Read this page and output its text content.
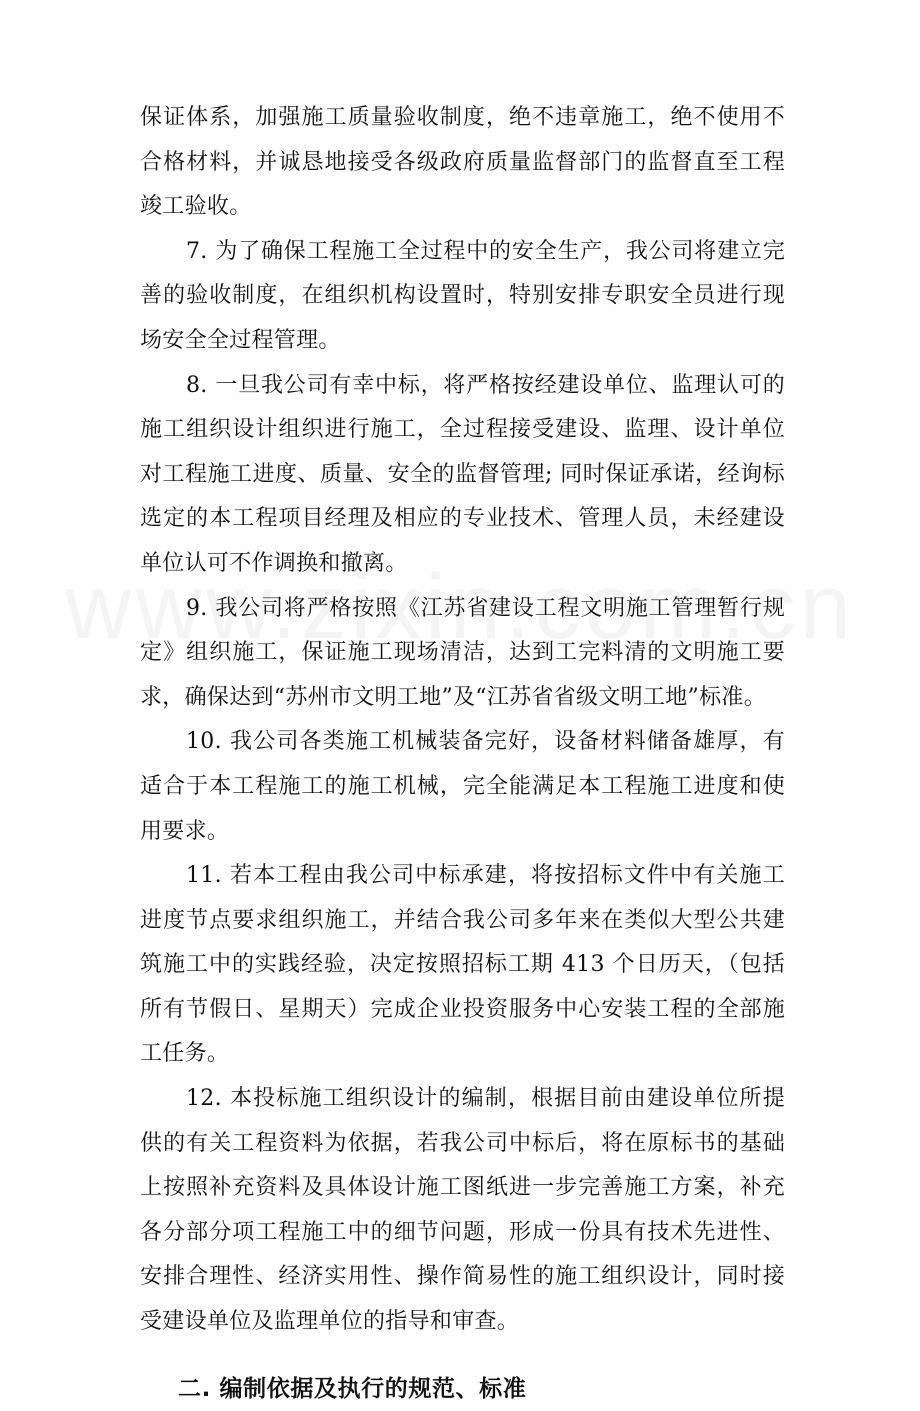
保证体系，加强施工质量验收制度，绝不违章施工，绝不使用不合格材料，并诚恳地接受各级政府质量监督部门的监督直至工程竣工验收。

7. 为了确保工程施工全过程中的安全生产，我公司将建立完善的验收制度，在组织机构设置时，特别安排专职安全员进行现场安全全过程管理。

8. 一旦我公司有幸中标，将严格按经建设单位、监理认可的施工组织设计组织进行施工，全过程接受建设、监理、设计单位对工程施工进度、质量、安全的监督管理; 同时保证承诺，经询标选定的本工程项目经理及相应的专业技术、管理人员，未经建设单位认可不作调换和撤离。

9. 我公司将严格按照《江苏省建设工程文明施工管理暂行规定》组织施工，保证施工现场清洁，达到工完料清的文明施工要求，确保达到“苏州市文明工地”及“江苏省省级文明工地”标准。

10. 我公司各类施工机械装备完好，设备材料储备雄厚，有适合于本工程施工的施工机械，完全能满足本工程施工进度和使用要求。

11. 若本工程由我公司中标承建，将按招标文件中有关施工进度节点要求组织施工，并结合我公司多年来在类似大型公共建筑施工中的实践经验，决定按照招标工期 413 个日历天，（包括所有节假日、星期天）完成企业投资服务中心安装工程的全部施工任务。

12. 本投标施工组织设计的编制，根据目前由建设单位所提供的有关工程资料为依据，若我公司中标后，将在原标书的基础上按照补充资料及具体设计施工图纸进一步完善施工方案，补充各分部分项工程施工中的细节问题，形成一份具有技术先进性、安排合理性、经济实用性、操作简易性的施工组织设计，同时接受建设单位及监理单位的指导和审查。

二. 编制依据及执行的规范、标准
